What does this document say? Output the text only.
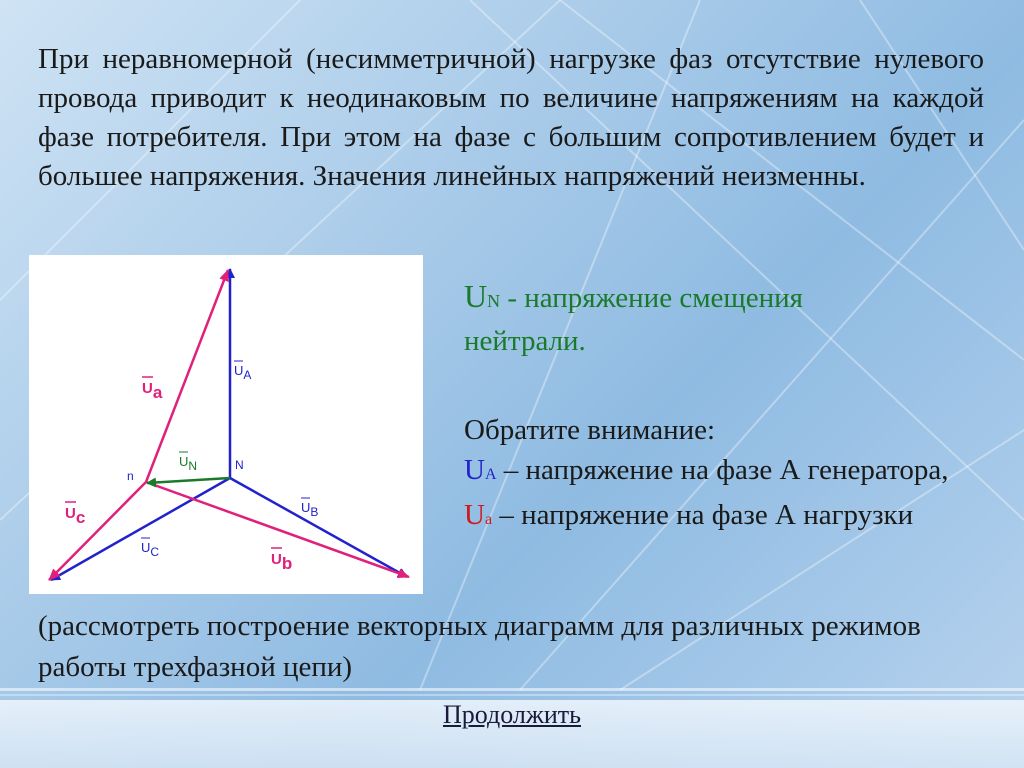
При неравномерной (несимметричной) нагрузке фаз отсутствие нулевого провода приводит к неодинаковым по величине напряжениям на каждой фазе потребителя. При этом на фазе с большим сопротивлением будет и большее напряжения. Значения линейных напряжений неизменны.

UA
UB
UC
N
n
UN
Ua
Ub
Uc
UN - напряжение смещения нейтрали.
Обратите внимание:
UA – напряжение на фазе А генератора,
Ua – напряжение на фазе А нагрузки

(рассмотреть построение векторных диаграмм для различных режимов работы трехфазной цепи)

Продолжить
